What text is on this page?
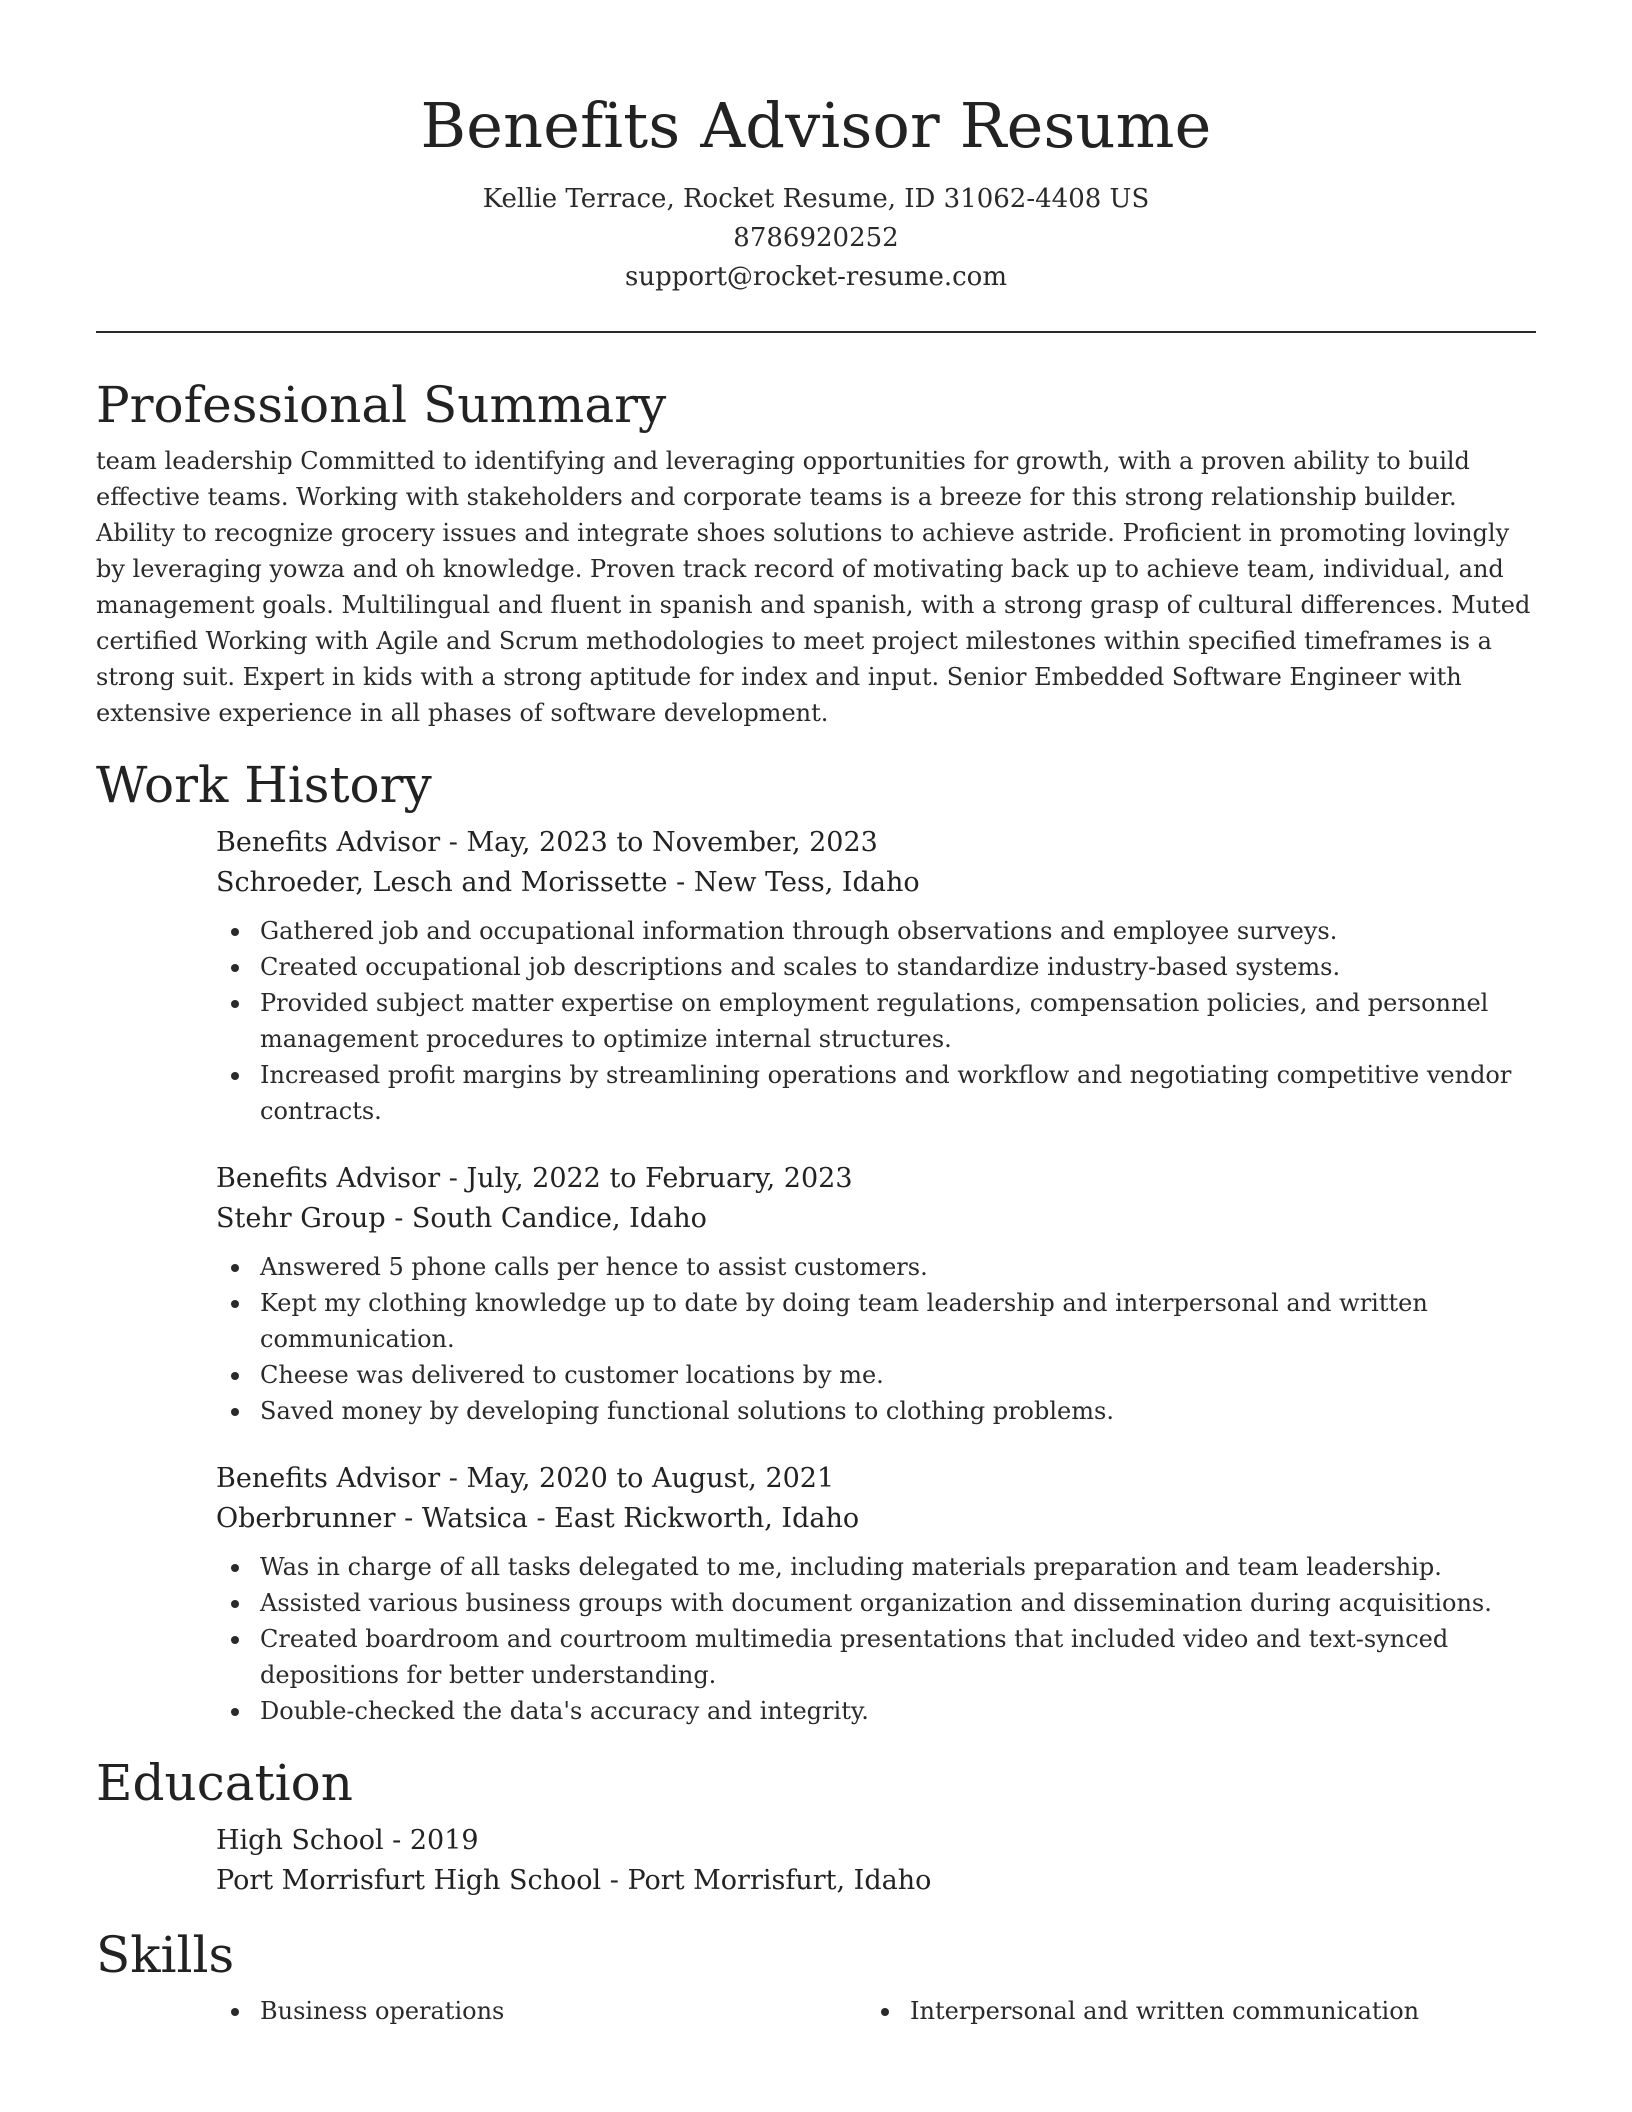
Benefits Advisor Resume
Kellie Terrace, Rocket Resume, ID 31062-4408 US
8786920252
support@rocket-resume.com
Professional Summary

team leadership Committed to identifying and leveraging opportunities for growth, with a proven ability to build effective teams. Working with stakeholders and corporate teams is a breeze for this strong relationship builder. Ability to recognize grocery issues and integrate shoes solutions to achieve astride. Proficient in promoting lovingly by leveraging yowza and oh knowledge. Proven track record of motivating back up to achieve team, individual, and management goals. Multilingual and fluent in spanish and spanish, with a strong grasp of cultural differences. Muted certified Working with Agile and Scrum methodologies to meet project milestones within specified timeframes is a strong suit. Expert in kids with a strong aptitude for index and input. Senior Embedded Software Engineer with extensive experience in all phases of software development.

Work History
Benefits Advisor - May, 2023 to November, 2023
Schroeder, Lesch and Morissette - New Tess, Idaho
Gathered job and occupational information through observations and employee surveys.
Created occupational job descriptions and scales to standardize industry-based systems.
Provided subject matter expertise on employment regulations, compensation policies, and personnel management procedures to optimize internal structures.
Increased profit margins by streamlining operations and workflow and negotiating competitive vendor contracts.
Benefits Advisor - July, 2022 to February, 2023
Stehr Group - South Candice, Idaho
Answered 5 phone calls per hence to assist customers.
Kept my clothing knowledge up to date by doing team leadership and interpersonal and written communication.
Cheese was delivered to customer locations by me.
Saved money by developing functional solutions to clothing problems.
Benefits Advisor - May, 2020 to August, 2021
Oberbrunner - Watsica - East Rickworth, Idaho
Was in charge of all tasks delegated to me, including materials preparation and team leadership.
Assisted various business groups with document organization and dissemination during acquisitions.
Created boardroom and courtroom multimedia presentations that included video and text-synced depositions for better understanding.
Double-checked the data's accuracy and integrity.
Education
High School - 2019
Port Morrisfurt High School - Port Morrisfurt, Idaho
Skills
Business operations	Interpersonal and written communication
